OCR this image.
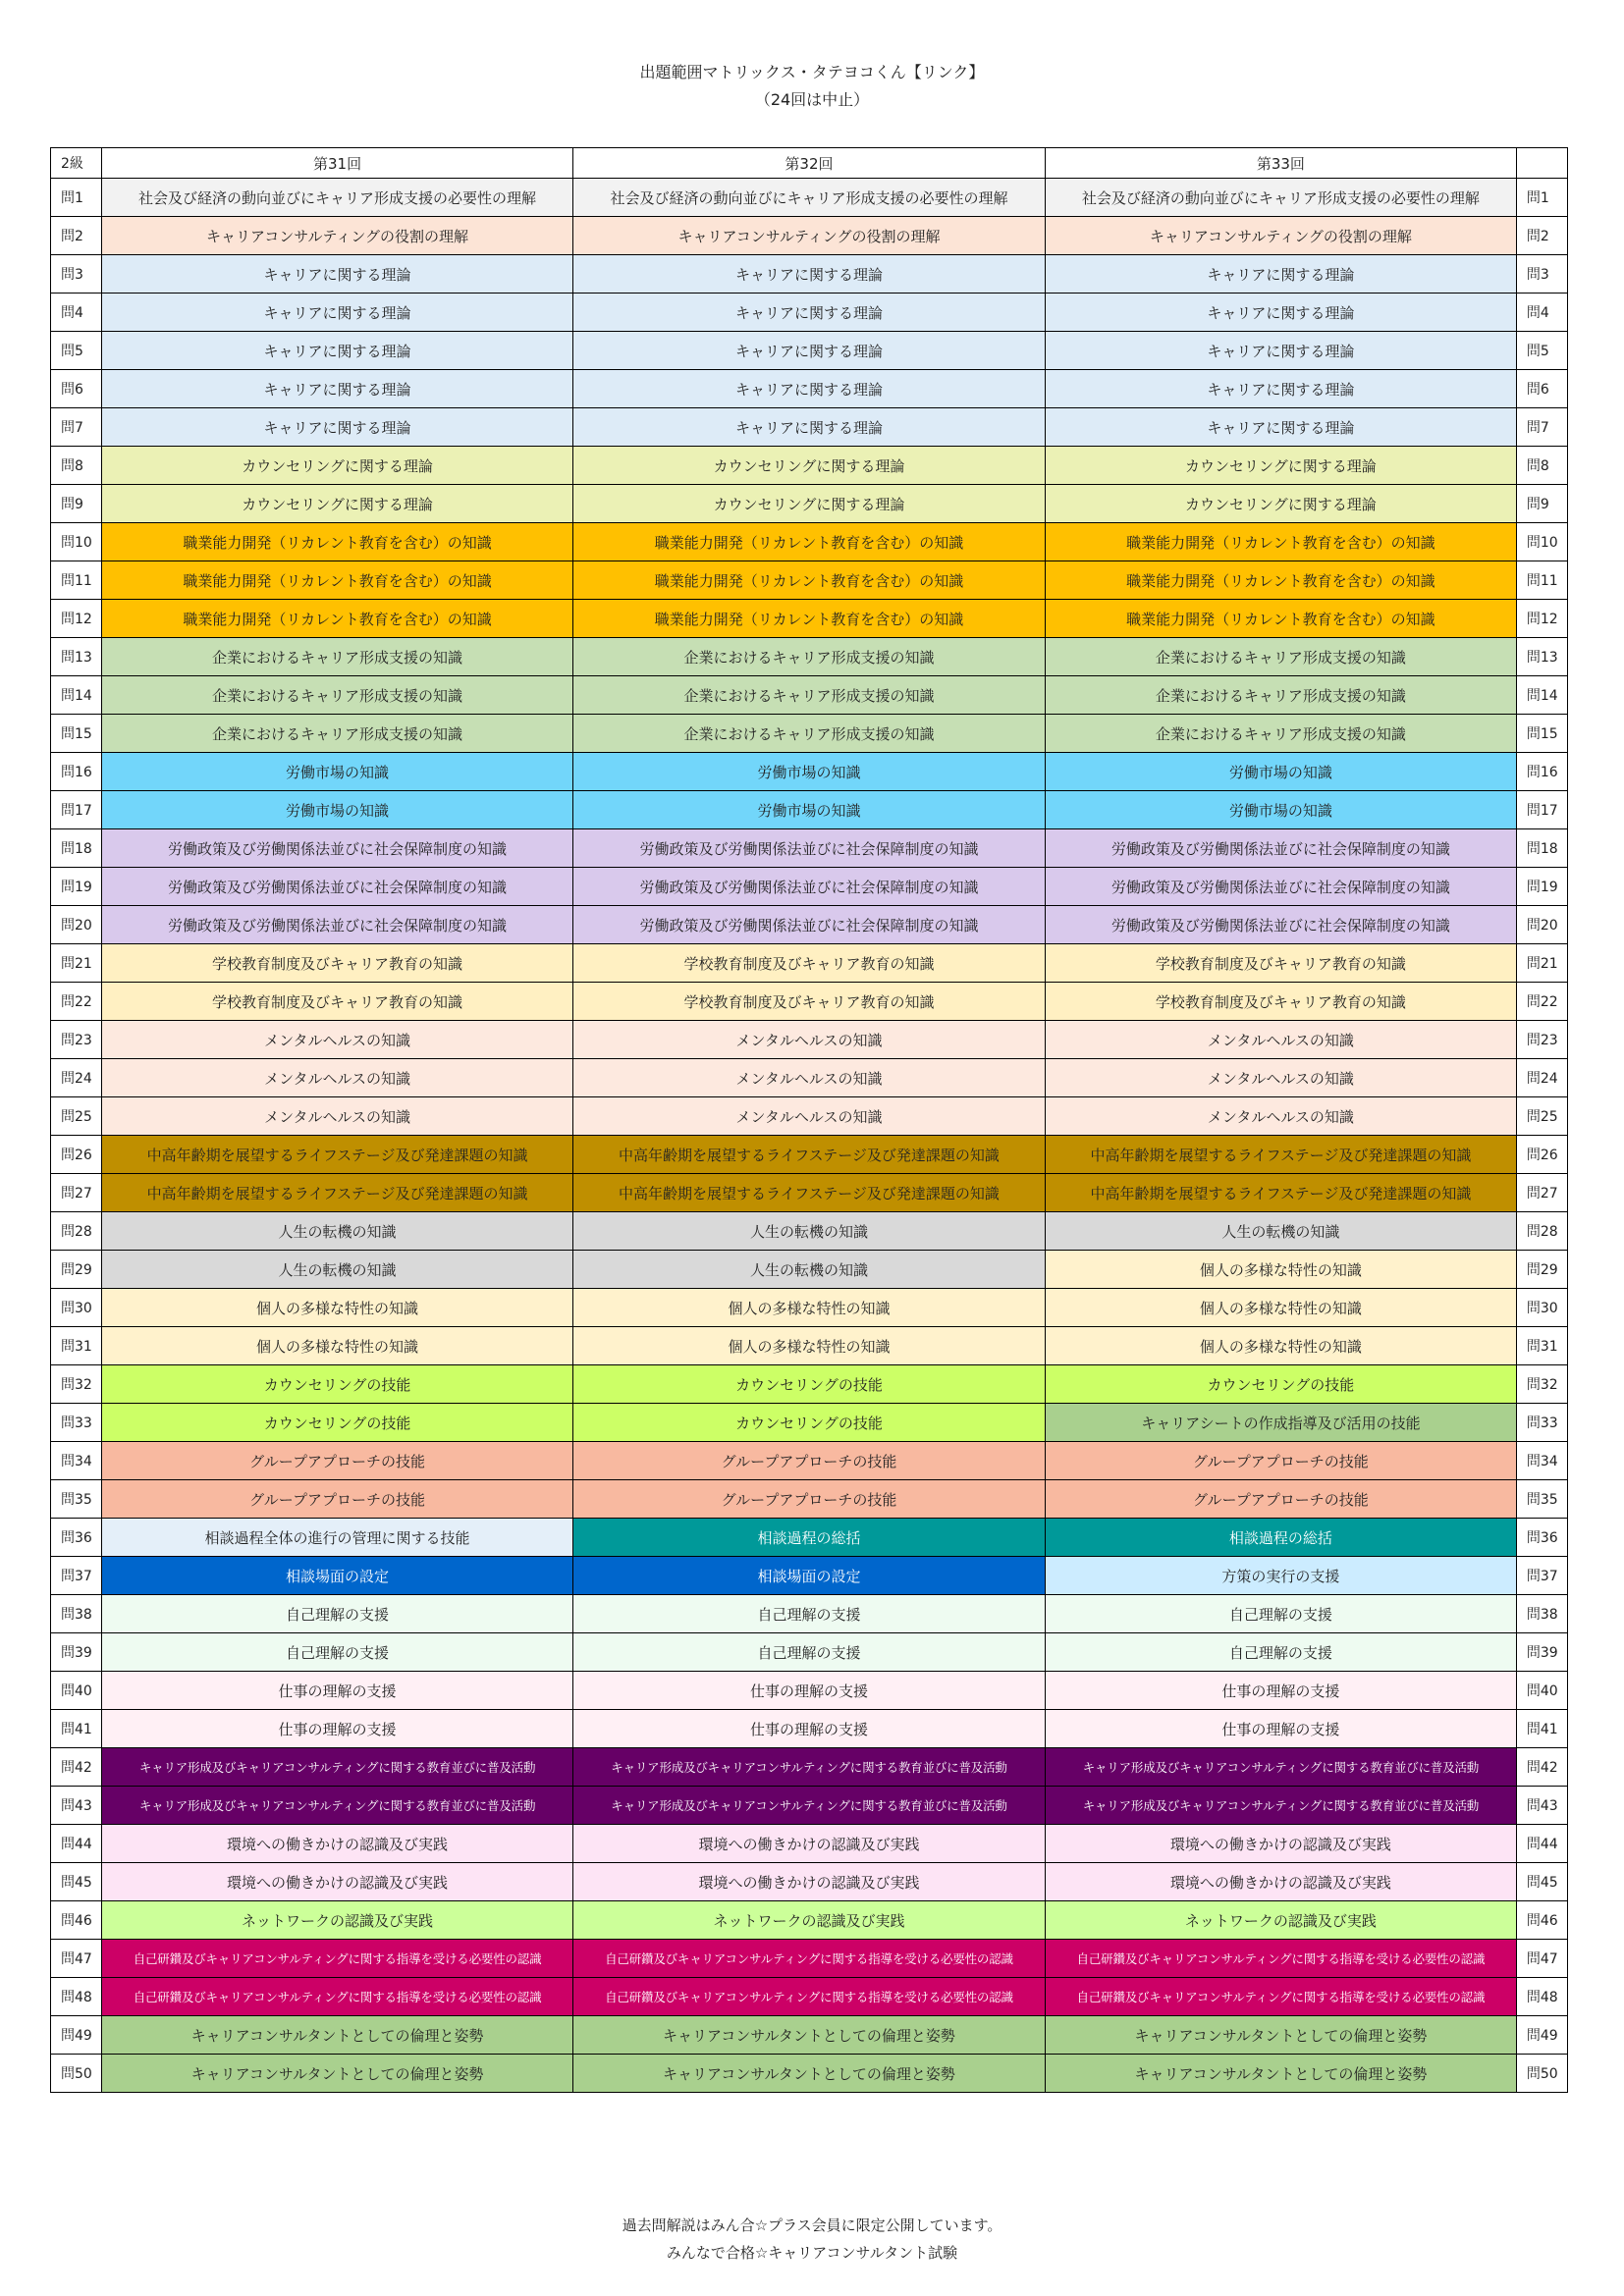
出題範囲マトリックス・タテヨコくん【リンク】
（24回は中止）
2級	第31回	第32回	第33回	
問1	社会及び経済の動向並びにキャリア形成支援の必要性の理解	社会及び経済の動向並びにキャリア形成支援の必要性の理解	社会及び経済の動向並びにキャリア形成支援の必要性の理解	問1
問2	キャリアコンサルティングの役割の理解	キャリアコンサルティングの役割の理解	キャリアコンサルティングの役割の理解	問2
問3	キャリアに関する理論	キャリアに関する理論	キャリアに関する理論	問3
問4	キャリアに関する理論	キャリアに関する理論	キャリアに関する理論	問4
問5	キャリアに関する理論	キャリアに関する理論	キャリアに関する理論	問5
問6	キャリアに関する理論	キャリアに関する理論	キャリアに関する理論	問6
問7	キャリアに関する理論	キャリアに関する理論	キャリアに関する理論	問7
問8	カウンセリングに関する理論	カウンセリングに関する理論	カウンセリングに関する理論	問8
問9	カウンセリングに関する理論	カウンセリングに関する理論	カウンセリングに関する理論	問9
問10	職業能力開発（リカレント教育を含む）の知識	職業能力開発（リカレント教育を含む）の知識	職業能力開発（リカレント教育を含む）の知識	問10
問11	職業能力開発（リカレント教育を含む）の知識	職業能力開発（リカレント教育を含む）の知識	職業能力開発（リカレント教育を含む）の知識	問11
問12	職業能力開発（リカレント教育を含む）の知識	職業能力開発（リカレント教育を含む）の知識	職業能力開発（リカレント教育を含む）の知識	問12
問13	企業におけるキャリア形成支援の知識	企業におけるキャリア形成支援の知識	企業におけるキャリア形成支援の知識	問13
問14	企業におけるキャリア形成支援の知識	企業におけるキャリア形成支援の知識	企業におけるキャリア形成支援の知識	問14
問15	企業におけるキャリア形成支援の知識	企業におけるキャリア形成支援の知識	企業におけるキャリア形成支援の知識	問15
問16	労働市場の知識	労働市場の知識	労働市場の知識	問16
問17	労働市場の知識	労働市場の知識	労働市場の知識	問17
問18	労働政策及び労働関係法並びに社会保障制度の知識	労働政策及び労働関係法並びに社会保障制度の知識	労働政策及び労働関係法並びに社会保障制度の知識	問18
問19	労働政策及び労働関係法並びに社会保障制度の知識	労働政策及び労働関係法並びに社会保障制度の知識	労働政策及び労働関係法並びに社会保障制度の知識	問19
問20	労働政策及び労働関係法並びに社会保障制度の知識	労働政策及び労働関係法並びに社会保障制度の知識	労働政策及び労働関係法並びに社会保障制度の知識	問20
問21	学校教育制度及びキャリア教育の知識	学校教育制度及びキャリア教育の知識	学校教育制度及びキャリア教育の知識	問21
問22	学校教育制度及びキャリア教育の知識	学校教育制度及びキャリア教育の知識	学校教育制度及びキャリア教育の知識	問22
問23	メンタルヘルスの知識	メンタルヘルスの知識	メンタルヘルスの知識	問23
問24	メンタルヘルスの知識	メンタルヘルスの知識	メンタルヘルスの知識	問24
問25	メンタルヘルスの知識	メンタルヘルスの知識	メンタルヘルスの知識	問25
問26	中高年齢期を展望するライフステージ及び発達課題の知識	中高年齢期を展望するライフステージ及び発達課題の知識	中高年齢期を展望するライフステージ及び発達課題の知識	問26
問27	中高年齢期を展望するライフステージ及び発達課題の知識	中高年齢期を展望するライフステージ及び発達課題の知識	中高年齢期を展望するライフステージ及び発達課題の知識	問27
問28	人生の転機の知識	人生の転機の知識	人生の転機の知識	問28
問29	人生の転機の知識	人生の転機の知識	個人の多様な特性の知識	問29
問30	個人の多様な特性の知識	個人の多様な特性の知識	個人の多様な特性の知識	問30
問31	個人の多様な特性の知識	個人の多様な特性の知識	個人の多様な特性の知識	問31
問32	カウンセリングの技能	カウンセリングの技能	カウンセリングの技能	問32
問33	カウンセリングの技能	カウンセリングの技能	キャリアシートの作成指導及び活用の技能	問33
問34	グループアプローチの技能	グループアプローチの技能	グループアプローチの技能	問34
問35	グループアプローチの技能	グループアプローチの技能	グループアプローチの技能	問35
問36	相談過程全体の進行の管理に関する技能	相談過程の総括	相談過程の総括	問36
問37	相談場面の設定	相談場面の設定	方策の実行の支援	問37
問38	自己理解の支援	自己理解の支援	自己理解の支援	問38
問39	自己理解の支援	自己理解の支援	自己理解の支援	問39
問40	仕事の理解の支援	仕事の理解の支援	仕事の理解の支援	問40
問41	仕事の理解の支援	仕事の理解の支援	仕事の理解の支援	問41
問42	キャリア形成及びキャリアコンサルティングに関する教育並びに普及活動	キャリア形成及びキャリアコンサルティングに関する教育並びに普及活動	キャリア形成及びキャリアコンサルティングに関する教育並びに普及活動	問42
問43	キャリア形成及びキャリアコンサルティングに関する教育並びに普及活動	キャリア形成及びキャリアコンサルティングに関する教育並びに普及活動	キャリア形成及びキャリアコンサルティングに関する教育並びに普及活動	問43
問44	環境への働きかけの認識及び実践	環境への働きかけの認識及び実践	環境への働きかけの認識及び実践	問44
問45	環境への働きかけの認識及び実践	環境への働きかけの認識及び実践	環境への働きかけの認識及び実践	問45
問46	ネットワークの認識及び実践	ネットワークの認識及び実践	ネットワークの認識及び実践	問46
問47	自己研鑽及びキャリアコンサルティングに関する指導を受ける必要性の認識	自己研鑽及びキャリアコンサルティングに関する指導を受ける必要性の認識	自己研鑽及びキャリアコンサルティングに関する指導を受ける必要性の認識	問47
問48	自己研鑽及びキャリアコンサルティングに関する指導を受ける必要性の認識	自己研鑽及びキャリアコンサルティングに関する指導を受ける必要性の認識	自己研鑽及びキャリアコンサルティングに関する指導を受ける必要性の認識	問48
問49	キャリアコンサルタントとしての倫理と姿勢	キャリアコンサルタントとしての倫理と姿勢	キャリアコンサルタントとしての倫理と姿勢	問49
問50	キャリアコンサルタントとしての倫理と姿勢	キャリアコンサルタントとしての倫理と姿勢	キャリアコンサルタントとしての倫理と姿勢	問50
過去問解説はみん合☆プラス会員に限定公開しています。
みんなで合格☆キャリアコンサルタント試験
